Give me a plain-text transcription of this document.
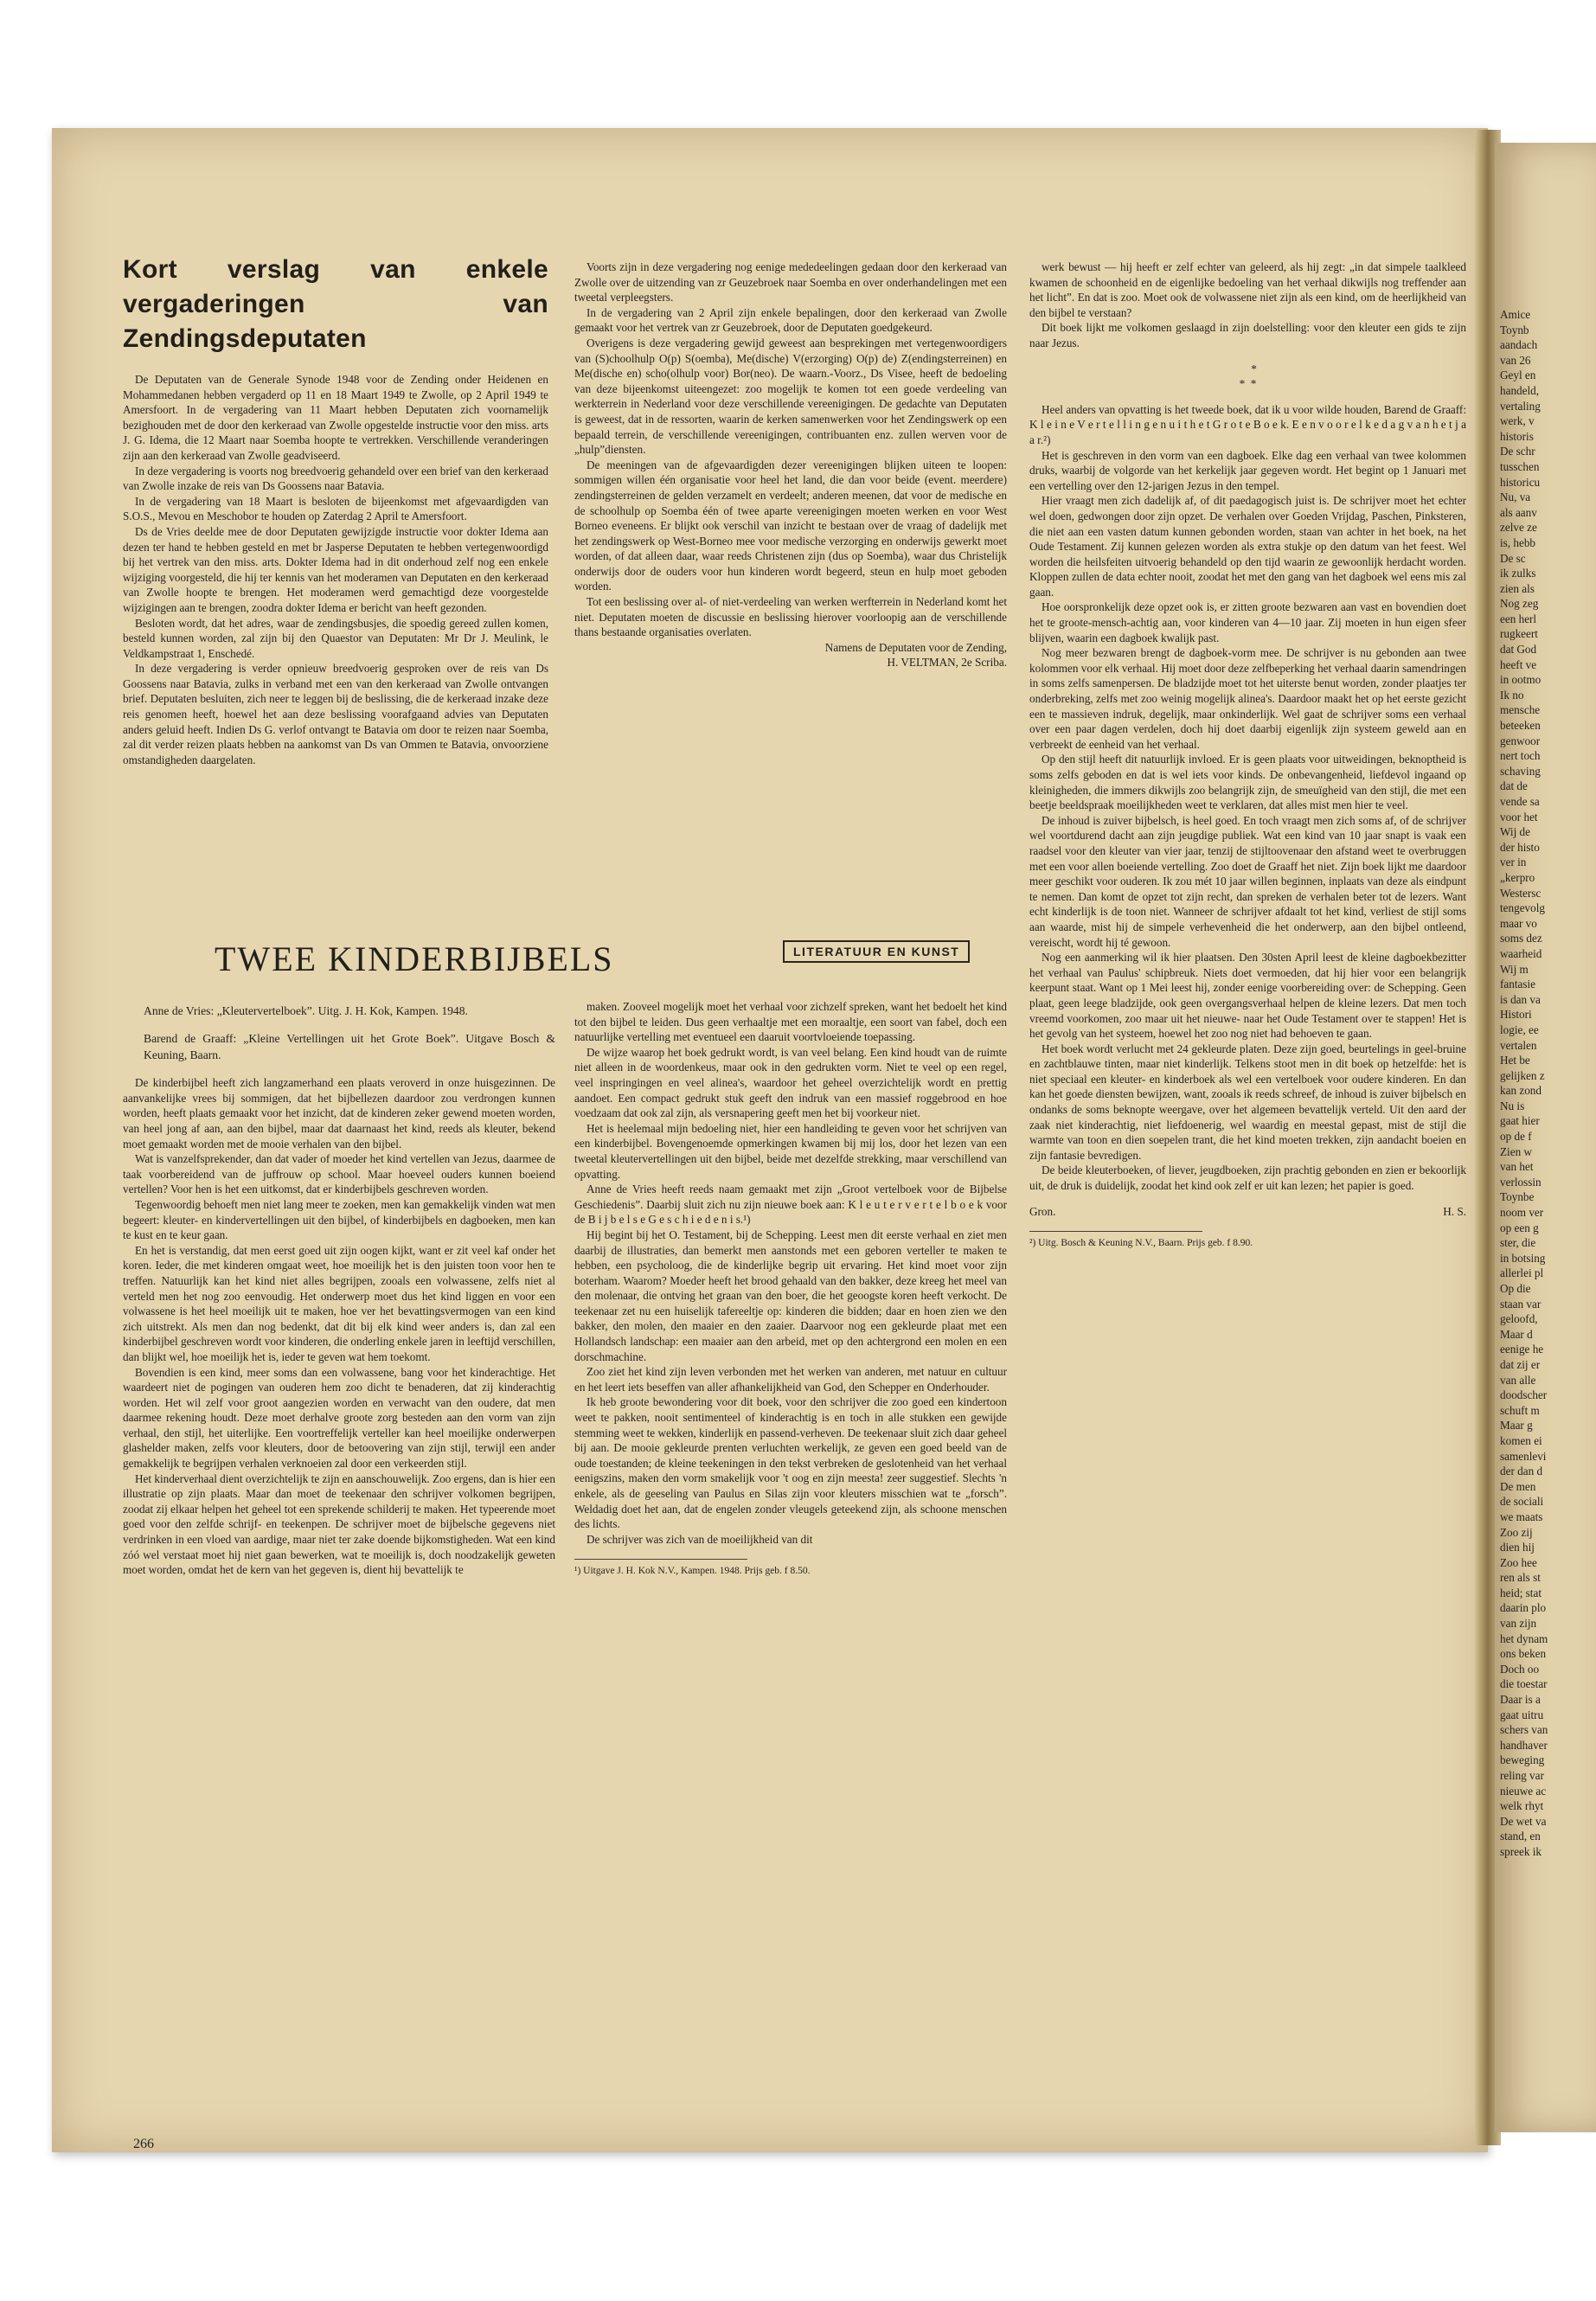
Amice

Toynb

aandach

van 26

Geyl en

handeld,

vertaling

werk, v

historis

De schr

tusschen

historicu

Nu, va

als aanv

zelve ze

is, hebb

De sc

ik zulks

zien als

Nog zeg

een herl

rugkeert

dat God

heeft ve

in ootmo

Ik no

mensche

beteeken

genwoor

nert toch

schaving

dat de

vende sa

voor het

Wij de

der histo

ver in

„kerpro

Westersc

tengevolg

maar vo

soms dez

waarheid

Wij m

fantasie

is dan va

Histori

logie, ee

vertalen

Het be

gelijken z

kan zond

Nu is

gaat hier

op de f

Zien w

van het

verlossin

Toynbe

noom ver

op een g

ster, die

in botsing

allerlei pl

Op die

staan var

geloofd,

Maar d

eenige he

dat zij er

van alle

doodscher

schuft m

Maar g

komen ei

samenlevi

der dan d

De men

de sociali

we maats

Zoo zij

dien hij

Zoo hee

ren als st

heid; stat

daarin plo

van zijn

het dynam

ons beken

Doch oo

die toestar

Daar is a

gaat uitru

schers van

handhaver

beweging

reling var

nieuwe ac

welk rhyt

De wet va

stand, en

spreek ik

Kort verslag van enkele vergaderingen van Zendingsdeputaten

De Deputaten van de Generale Synode 1948 voor de Zending onder Heidenen en Mohammedanen hebben vergaderd op 11 en 18 Maart 1949 te Zwolle, op 2 April 1949 te Amersfoort. In de vergadering van 11 Maart hebben Deputaten zich voornamelijk bezighouden met de door den kerkeraad van Zwolle opgestelde instructie voor den miss. arts J. G. Idema, die 12 Maart naar Soemba hoopte te vertrekken. Verschillende veranderingen zijn aan den kerkeraad van Zwolle geadviseerd.

In deze vergadering is voorts nog breedvoerig gehandeld over een brief van den kerkeraad van Zwolle inzake de reis van Ds Goossens naar Batavia.

In de vergadering van 18 Maart is besloten de bijeenkomst met afgevaardigden van S.O.S., Mevou en Meschobor te houden op Zaterdag 2 April te Amersfoort.

Ds de Vries deelde mee de door Deputaten gewijzigde instructie voor dokter Idema aan dezen ter hand te hebben gesteld en met br Jasperse Deputaten te hebben vertegenwoordigd bij het vertrek van den miss. arts. Dokter Idema had in dit onderhoud zelf nog een enkele wijziging voorgesteld, die hij ter kennis van het moderamen van Deputaten en den kerkeraad van Zwolle hoopte te brengen. Het moderamen werd gemachtigd deze voorgestelde wijzigingen aan te brengen, zoodra dokter Idema er bericht van heeft gezonden.

Besloten wordt, dat het adres, waar de zendingsbusjes, die spoedig gereed zullen komen, besteld kunnen worden, zal zijn bij den Quaestor van Deputaten: Mr Dr J. Meulink, le Veldkampstraat 1, Enschedé.

In deze vergadering is verder opnieuw breedvoerig gesproken over de reis van Ds Goossens naar Batavia, zulks in verband met een van den kerkeraad van Zwolle ontvangen brief. Deputaten besluiten, zich neer te leggen bij de beslissing, die de kerkeraad inzake deze reis genomen heeft, hoewel het aan deze beslissing voorafgaand advies van Deputaten anders geluid heeft. Indien Ds G. verlof ontvangt te Batavia om door te reizen naar Soemba, zal dit verder reizen plaats hebben na aankomst van Ds van Ommen te Batavia, onvoorziene omstandigheden daargelaten.

Voorts zijn in deze vergadering nog eenige mededeelingen gedaan door den kerkeraad van Zwolle over de uitzending van zr Geuzebroek naar Soemba en over onderhandelingen met een tweetal verpleegsters.

In de vergadering van 2 April zijn enkele bepalingen, door den kerkeraad van Zwolle gemaakt voor het vertrek van zr Geuzebroek, door de Deputaten goedgekeurd.

Overigens is deze vergadering gewijd geweest aan besprekingen met vertegenwoordigers van (S)choolhulp O(p) S(oemba), Me(dische) V(erzorging) O(p) de) Z(endingsterreinen) en Me(dische en) scho(olhulp voor) Bor(neo). De waarn.-Voorz., Ds Visee, heeft de bedoeling van deze bijeenkomst uiteengezet: zoo mogelijk te komen tot een goede verdeeling van werkterrein in Nederland voor deze verschillende vereenigingen. De gedachte van Deputaten is geweest, dat in de ressorten, waarin de kerken samenwerken voor het Zendingswerk op een bepaald terrein, de verschillende vereenigingen, contribuanten enz. zullen werven voor de „hulp”diensten.

De meeningen van de afgevaardigden dezer vereenigingen blijken uiteen te loopen: sommigen willen één organisatie voor heel het land, die dan voor beide (event. meerdere) zendingsterreinen de gelden verzamelt en verdeelt; anderen meenen, dat voor de medische en de schoolhulp op Soemba één of twee aparte vereenigingen moeten werken en voor West Borneo eveneens. Er blijkt ook verschil van inzicht te bestaan over de vraag of dadelijk met het zendingswerk op West-Borneo mee voor medische verzorging en onderwijs gewerkt moet worden, of dat alleen daar, waar reeds Christenen zijn (dus op Soemba), waar dus Christelijk onderwijs door de ouders voor hun kinderen wordt begeerd, steun en hulp moet geboden worden.

Tot een beslissing over al- of niet-verdeeling van werken werfterrein in Nederland komt het niet. Deputaten moeten de discussie en beslissing hierover voorloopig aan de verschillende thans bestaande organisaties overlaten.

Namens de Deputaten voor de Zending,

H. VELTMAN, 2e Scriba.

TWEE KINDERBIJBELS	LITERATUUR EN KUNST

Anne de Vries: „Kleutervertelboek”. Uitg. J. H. Kok, Kampen. 1948.

Barend de Graaff: „Kleine Vertellingen uit het Grote Boek”. Uitgave Bosch & Keuning, Baarn.

De kinderbijbel heeft zich langzamerhand een plaats veroverd in onze huisgezinnen. De aanvankelijke vrees bij sommigen, dat het bijbellezen daardoor zou verdrongen kunnen worden, heeft plaats gemaakt voor het inzicht, dat de kinderen zeker gewend moeten worden, van heel jong af aan, aan den bijbel, maar dat daarnaast het kind, reeds als kleuter, bekend moet gemaakt worden met de mooie verhalen van den bijbel.

Wat is vanzelfsprekender, dan dat vader of moeder het kind vertellen van Jezus, daarmee de taak voorbereidend van de juffrouw op school. Maar hoeveel ouders kunnen boeiend vertellen? Voor hen is het een uitkomst, dat er kinderbijbels geschreven worden.

Tegenwoordig behoeft men niet lang meer te zoeken, men kan gemakkelijk vinden wat men begeert: kleuter- en kindervertellingen uit den bijbel, of kinderbijbels en dagboeken, men kan te kust en te keur gaan.

En het is verstandig, dat men eerst goed uit zijn oogen kijkt, want er zit veel kaf onder het koren. Ieder, die met kinderen omgaat weet, hoe moeilijk het is den juisten toon voor hen te treffen. Natuurlijk kan het kind niet alles begrijpen, zooals een volwassene, zelfs niet al verteld men het nog zoo eenvoudig. Het onderwerp moet dus het kind liggen en voor een volwassene is het heel moeilijk uit te maken, hoe ver het bevattingsvermogen van een kind zich uitstrekt. Als men dan nog bedenkt, dat dit bij elk kind weer anders is, dan zal een kinderbijbel geschreven wordt voor kinderen, die onderling enkele jaren in leeftijd verschillen, dan blijkt wel, hoe moeilijk het is, ieder te geven wat hem toekomt.

Bovendien is een kind, meer soms dan een volwassene, bang voor het kinderachtige. Het waardeert niet de pogingen van ouderen hem zoo dicht te benaderen, dat zij kinderachtig worden. Het wil zelf voor groot aangezien worden en verwacht van den oudere, dat men daarmee rekening houdt. Deze moet derhalve groote zorg besteden aan den vorm van zijn verhaal, den stijl, het uiterlijke. Een voortreffelijk verteller kan heel moeilijke onderwerpen glashelder maken, zelfs voor kleuters, door de betoovering van zijn stijl, terwijl een ander gemakkelijk te begrijpen verhalen verknoeien zal door een verkeerden stijl.

Het kinderverhaal dient overzichtelijk te zijn en aanschouwelijk. Zoo ergens, dan is hier een illustratie op zijn plaats. Maar dan moet de teekenaar den schrijver volkomen begrijpen, zoodat zij elkaar helpen het geheel tot een sprekende schilderij te maken. Het typeerende moet goed voor den zelfde schrijf- en teekenpen. De schrijver moet de bijbelsche gegevens niet verdrinken in een vloed van aardige, maar niet ter zake doende bijkomstigheden. Wat een kind zóó wel verstaat moet hij niet gaan bewerken, wat te moeilijk is, doch noodzakelijk geweten moet worden, omdat het de kern van het gegeven is, dient hij bevattelijk te

maken. Zooveel mogelijk moet het verhaal voor zichzelf spreken, want het bedoelt het kind tot den bijbel te leiden. Dus geen verhaaltje met een moraaltje, een soort van fabel, doch een natuurlijke vertelling met eventueel een daaruit voortvloeiende toepassing.

De wijze waarop het boek gedrukt wordt, is van veel belang. Een kind houdt van de ruimte niet alleen in de woordenkeus, maar ook in den gedrukten vorm. Niet te veel op een regel, veel inspringingen en veel alinea's, waardoor het geheel overzichtelijk wordt en prettig aandoet. Een compact gedrukt stuk geeft den indruk van een massief roggebrood en hoe voedzaam dat ook zal zijn, als versnapering geeft men het bij voorkeur niet.

Het is heelemaal mijn bedoeling niet, hier een handleiding te geven voor het schrijven van een kinderbijbel. Bovengenoemde opmerkingen kwamen bij mij los, door het lezen van een tweetal kleutervertellingen uit den bijbel, beide met dezelfde strekking, maar verschillend van opvatting.

Anne de Vries heeft reeds naam gemaakt met zijn „Groot vertelboek voor de Bijbelse Geschiedenis”. Daarbij sluit zich nu zijn nieuwe boek aan: K l e u t e r v e r t e l b o e k voor de B i j b e l s e G e s c h i e d e n i s.¹)

Hij begint bij het O. Testament, bij de Schepping. Leest men dit eerste verhaal en ziet men daarbij de illustraties, dan bemerkt men aanstonds met een geboren verteller te maken te hebben, een psycholoog, die de kinderlijke begrip uit ervaring. Het kind moet voor zijn boterham. Waarom? Moeder heeft het brood gehaald van den bakker, deze kreeg het meel van den molenaar, die ontving het graan van den boer, die het geoogste koren heeft verkocht. De teekenaar zet nu een huiselijk tafereeltje op: kinderen die bidden; daar en hoen zien we den bakker, den molen, den maaier en den zaaier. Daarvoor nog een gekleurde plaat met een Hollandsch landschap: een maaier aan den arbeid, met op den achtergrond een molen en een dorschmachine.

Zoo ziet het kind zijn leven verbonden met het werken van anderen, met natuur en cultuur en het leert iets beseffen van aller afhankelijkheid van God, den Schepper en Onderhouder.

Ik heb groote bewondering voor dit boek, voor den schrijver die zoo goed een kindertoon weet te pakken, nooit sentimenteel of kinderachtig is en toch in alle stukken een gewijde stemming weet te wekken, kinderlijk en passend-verheven. De teekenaar sluit zich daar geheel bij aan. De mooie gekleurde prenten verluchten werkelijk, ze geven een goed beeld van de oude toestanden; de kleine teekeningen in den tekst verbreken de geslotenheid van het verhaal eenigszins, maken den vorm smakelijk voor 't oog en zijn meesta! zeer suggestief. Slechts 'n enkele, als de geeseling van Paulus en Silas zijn voor kleuters misschien wat te „forsch”. Weldadig doet het aan, dat de engelen zonder vleugels geteekend zijn, als schoone menschen des lichts.

De schrijver was zich van de moeilijkheid van dit

¹) Uitgave J. H. Kok N.V., Kampen. 1948. Prijs geb. f 8.50.

werk bewust — hij heeft er zelf echter van geleerd, als hij zegt: „in dat simpele taalkleed kwamen de schoonheid en de eigenlijke bedoeling van het verhaal dikwijls nog treffender aan het licht”. En dat is zoo. Moet ook de volwassene niet zijn als een kind, om de heerlijkheid van den bijbel te verstaan?

Dit boek lijkt me volkomen geslaagd in zijn doelstelling: voor den kleuter een gids te zijn naar Jezus.

*
*  *

Heel anders van opvatting is het tweede boek, dat ik u voor wilde houden, Barend de Graaff: K l e i n e V e r t e l l i n g e n u i t h e t G r o t e B o e k. E e n v o o r e l k e d a g v a n h e t j a a r.²)

Het is geschreven in den vorm van een dagboek. Elke dag een verhaal van twee kolommen druks, waarbij de volgorde van het kerkelijk jaar gegeven wordt. Het begint op 1 Januari met een vertelling over den 12-jarigen Jezus in den tempel.

Hier vraagt men zich dadelijk af, of dit paedagogisch juist is. De schrijver moet het echter wel doen, gedwongen door zijn opzet. De verhalen over Goeden Vrijdag, Paschen, Pinksteren, die niet aan een vasten datum kunnen gebonden worden, staan van achter in het boek, na het Oude Testament. Zij kunnen gelezen worden als extra stukje op den datum van het feest. Wel worden die heilsfeiten uitvoerig behandeld op den tijd waarin ze gewoonlijk herdacht worden. Kloppen zullen de data echter nooit, zoodat het met den gang van het dagboek wel eens mis zal gaan.

Hoe oorspronkelijk deze opzet ook is, er zitten groote bezwaren aan vast en bovendien doet het te groote-mensch-achtig aan, voor kinderen van 4—10 jaar. Zij moeten in hun eigen sfeer blijven, waarin een dagboek kwalijk past.

Nog meer bezwaren brengt de dagboek-vorm mee. De schrijver is nu gebonden aan twee kolommen voor elk verhaal. Hij moet door deze zelfbeperking het verhaal daarin samendringen in soms zelfs samenpersen. De bladzijde moet tot het uiterste benut worden, zonder plaatjes ter onderbreking, zelfs met zoo weinig mogelijk alinea's. Daardoor maakt het op het eerste gezicht een te massieven indruk, degelijk, maar onkinderlijk. Wel gaat de schrijver soms een verhaal over een paar dagen verdelen, doch hij doet daarbij eigenlijk zijn systeem geweld aan en verbreekt de eenheid van het verhaal.

Op den stijl heeft dit natuurlijk invloed. Er is geen plaats voor uitweidingen, beknoptheid is soms zelfs geboden en dat is wel iets voor kinds. De onbevangenheid, liefdevol ingaand op kleinigheden, die immers dikwijls zoo belangrijk zijn, de smeuïgheid van den stijl, die met een beetje beeldspraak moeilijkheden weet te verklaren, dat alles mist men hier te veel.

De inhoud is zuiver bijbelsch, is heel goed. En toch vraagt men zich soms af, of de schrijver wel voortdurend dacht aan zijn jeugdige publiek. Wat een kind van 10 jaar snapt is vaak een raadsel voor den kleuter van vier jaar, tenzij de stijltoovenaar den afstand weet te overbruggen met een voor allen boeiende vertelling. Zoo doet de Graaff het niet. Zijn boek lijkt me daardoor meer geschikt voor ouderen. Ik zou mét 10 jaar willen beginnen, inplaats van deze als eindpunt te nemen. Dan komt de opzet tot zijn recht, dan spreken de verhalen beter tot de lezers. Want echt kinderlijk is de toon niet. Wanneer de schrijver afdaalt tot het kind, verliest de stijl soms aan waarde, mist hij de simpele verhevenheid die het onderwerp, aan den bijbel ontleend, vereischt, wordt hij té gewoon.

Nog een aanmerking wil ik hier plaatsen. Den 30sten April leest de kleine dagboekbezitter het verhaal van Paulus' schipbreuk. Niets doet vermoeden, dat hij hier voor een belangrijk keerpunt staat. Want op 1 Mei leest hij, zonder eenige voorbereiding over: de Schepping. Geen plaat, geen leege bladzijde, ook geen overgangsverhaal helpen de kleine lezers. Dat men toch vreemd voorkomen, zoo maar uit het nieuwe- naar het Oude Testament over te stappen! Het is het gevolg van het systeem, hoewel het zoo nog niet had behoeven te gaan.

Het boek wordt verlucht met 24 gekleurde platen. Deze zijn goed, beurtelings in geel-bruine en zachtblauwe tinten, maar niet kinderlijk. Telkens stoot men in dit boek op hetzelfde: het is niet speciaal een kleuter- en kinderboek als wel een vertelboek voor oudere kinderen. En dan kan het goede diensten bewijzen, want, zooals ik reeds schreef, de inhoud is zuiver bijbelsch en ondanks de soms beknopte weergave, over het algemeen bevattelijk verteld. Uit den aard der zaak niet kinderachtig, niet liefdoenerig, wel waardig en meestal gepast, mist de stijl die warmte van toon en dien soepelen trant, die het kind moeten trekken, zijn aandacht boeien en zijn fantasie bevredigen.

De beide kleuterboeken, of liever, jeugdboeken, zijn prachtig gebonden en zien er bekoorlijk uit, de druk is duidelijk, zoodat het kind ook zelf er uit kan lezen; het papier is goed.

Gron.	H. S.
²) Uitg. Bosch & Keuning N.V., Baarn. Prijs geb. f 8.90.
266
